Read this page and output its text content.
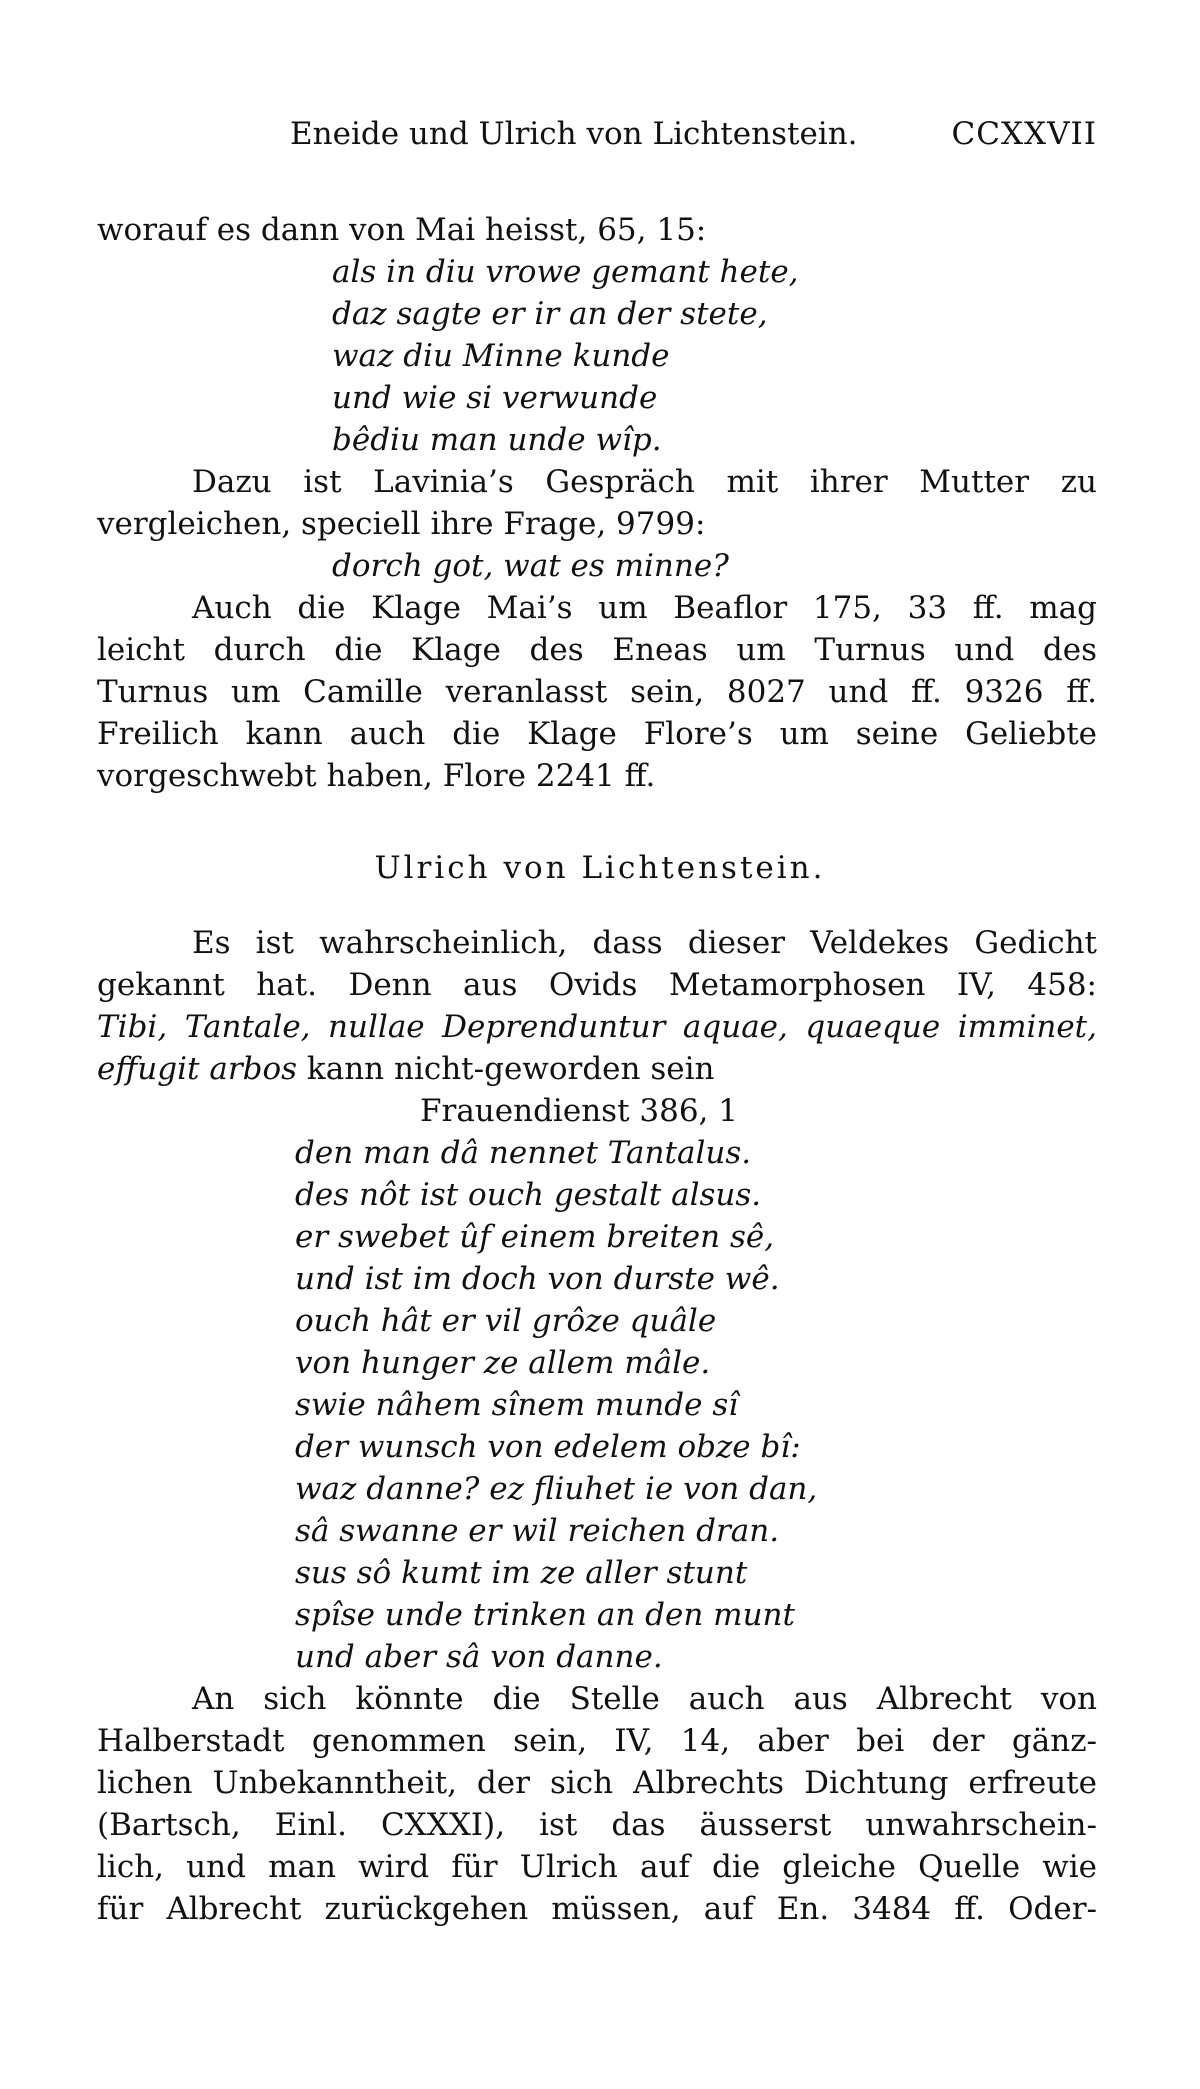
Eneide und Ulrich von Lichtenstein.	CCXXVII
worauf es dann von Mai heisst, 65, 15:
als in diu vrowe gemant hete,
daz sagte er ir an der stete,
waz diu Minne kunde
und wie si verwunde
bêdiu man unde wîp.
Dazu ist Lavinia’s Gespräch mit ihrer Mutter zu
vergleichen, speciell ihre Frage, 9799:
dorch got, wat es minne?
Auch die Klage Mai’s um Beaflor 175, 33 ff. mag
leicht durch die Klage des Eneas um Turnus und des
Turnus um Camille veranlasst sein, 8027 und ff. 9326 ff.
Freilich kann auch die Klage Flore’s um seine Geliebte
vorgeschwebt haben, Flore 2241 ff.
Ulrich von Lichtenstein.
Es ist wahrscheinlich, dass dieser Veldekes Gedicht
gekannt hat. Denn aus Ovids Metamorphosen IV, 458:
Tibi, Tantale, nullae Deprenduntur aquae, quaeque imminet,
effugit arbos kann nicht-geworden sein
Frauendienst 386, 1
den man dâ nennet Tantalus.
des nôt ist ouch gestalt alsus.
er swebet ûf einem breiten sê,
und ist im doch von durste wê.
ouch hât er vil grôze quâle
von hunger ze allem mâle.
swie nâhem sînem munde sî
der wunsch von edelem obze bî:
waz danne? ez fliuhet ie von dan,
sâ swanne er wil reichen dran.
sus sô kumt im ze aller stunt
spîse unde trinken an den munt
und aber sâ von danne.
An sich könnte die Stelle auch aus Albrecht von
Halberstadt genommen sein, IV, 14, aber bei der gänz-
lichen Unbekanntheit, der sich Albrechts Dichtung erfreute
(Bartsch, Einl. CXXXI), ist das äusserst unwahrschein-
lich, und man wird für Ulrich auf die gleiche Quelle wie
für Albrecht zurückgehen müssen, auf En. 3484 ff. Oder-
